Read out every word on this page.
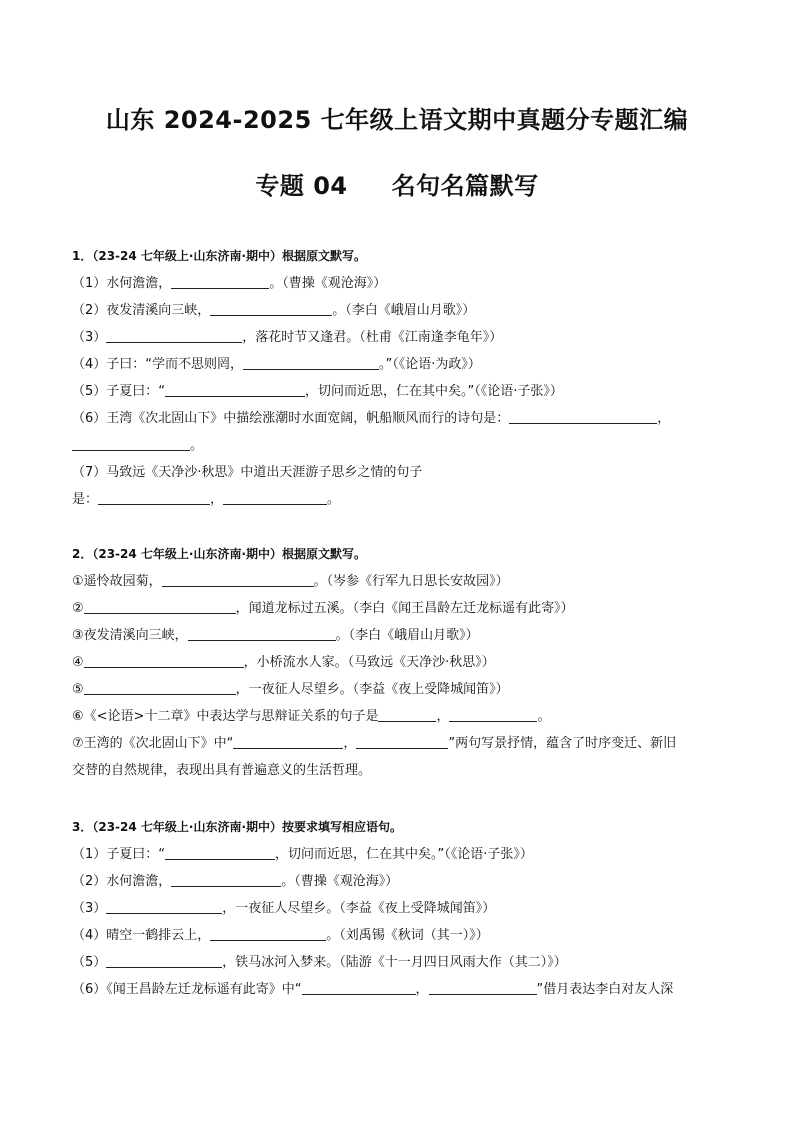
山东 2024-2025 七年级上语文期中真题分专题汇编
专题 04 名句名篇默写
1．（23-24 七年级上·山东济南·期中）根据原文默写。
（1）水何澹澹，	。（曹操《观沧海》）
（2）夜发清溪向三峡，	。（李白《峨眉山月歌》）
（3）	，落花时节又逢君。（杜甫《江南逢李龟年》）
（4）子曰：“学而不思则罔，	。”（《论语·为政》）
（5）子夏曰：“	，切问而近思，仁在其中矣。”（《论语·子张》）
（6）王湾《次北固山下》中描绘涨潮时水面宽阔，帆船顺风而行的诗句是：	，
。
（7）马致远《天净沙·秋思》中道出天涯游子思乡之情的句子
是：	，	。
2．（23-24 七年级上·山东济南·期中）根据原文默写。
①遥怜故园菊，	。（岑参《行军九日思长安故园》）
②	，闻道龙标过五溪。（李白《闻王昌龄左迁龙标遥有此寄》）
③夜发清溪向三峡，	。（李白《峨眉山月歌》）
④	，小桥流水人家。（马致远《天净沙·秋思》）
⑤	，一夜征人尽望乡。（李益《夜上受降城闻笛》）
⑥《<论语>十二章》中表达学与思辩证关系的句子是	，	。
⑦王湾的《次北固山下》中“	，	”两句写景抒情，蕴含了时序变迁、新旧
交替的自然规律，表现出具有普遍意义的生活哲理。
3．（23-24 七年级上·山东济南·期中）按要求填写相应语句。
（1）子夏曰：“	，切问而近思，仁在其中矣。”（《论语·子张》）
（2）水何澹澹，	。（曹操《观沧海》）
（3）	，一夜征人尽望乡。（李益《夜上受降城闻笛》）
（4）晴空一鹤排云上，	。（刘禹锡《秋词（其一）》）
（5）	，铁马冰河入梦来。（陆游《十一月四日风雨大作（其二）》）
（6）《闻王昌龄左迁龙标遥有此寄》中“	，	”借月表达李白对友人深
